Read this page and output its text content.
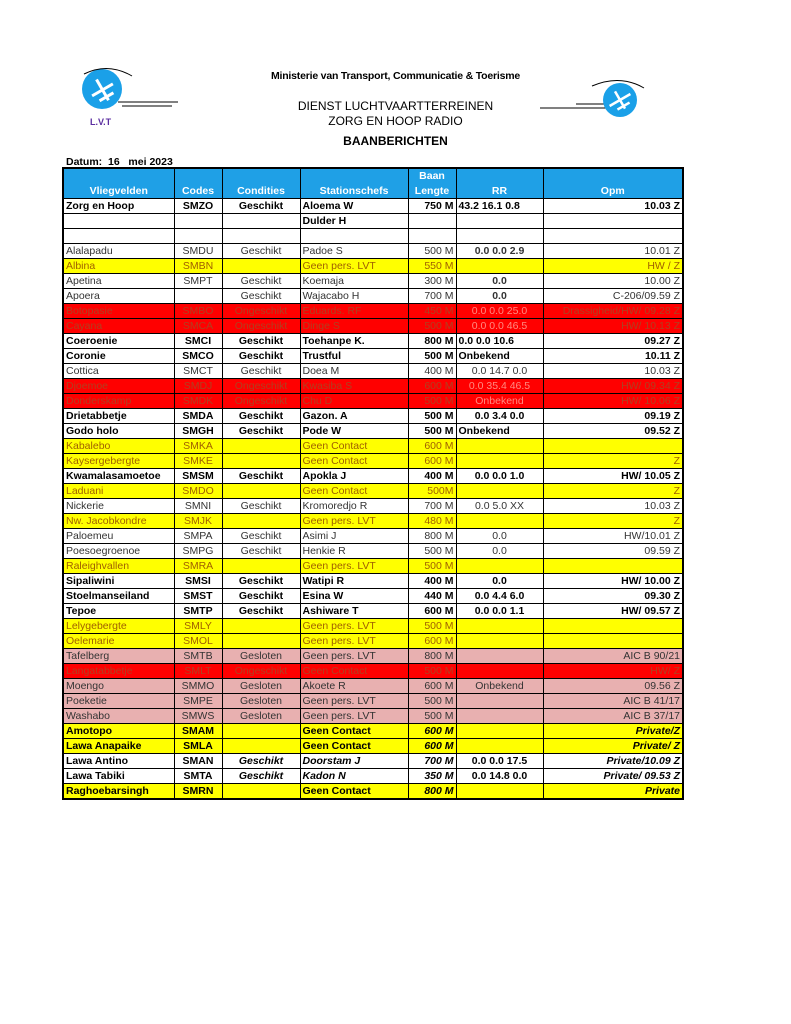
L.V.T
Ministerie van Transport, Communicatie & Toerisme
DIENST LUCHTVAARTTERREINEN
ZORG EN HOOP RADIO
BAANBERICHTEN
Datum:  16   mei 2023
				Baan		
Vliegvelden	Codes	Condities	Stationschefs	Lengte	RR	Opm
Zorg en Hoop	SMZO	Geschikt	Aloema W	750 M	43.2 16.1 0.8	10.03 Z
			Dulder H			

Alalapadu	SMDU	Geschikt	Padoe S	500 M	0.0 0.0 2.9	10.01 Z
Albina	SMBN		Geen pers. LVT	550 M		HW / Z
Apetina	SMPT	Geschikt	Koemaja	300 M	0.0	10.00 Z
Apoera		Geschikt	Wajacabo H	700 M	0.0	C-206/09.59 Z
Botopasie	SMBO	Ongeschikt	Eduards. RF	450 M	0.0 0.0 25.0	Drassigheid/HW/ 09.28 Z
Cayana	SMCA	Ongeschikt	Dinge S	500 M	0.0 0.0 46.5	HW/ 10.13 Z
Coeroenie	SMCI	Geschikt	Toehanpe K.	800 M	0.0 0.0 10.6	09.27 Z
Coronie	SMCO	Geschikt	Trustful	500 M	Onbekend	10.11 Z
Cottica	SMCT	Geschikt	Doea M	400 M	0.0 14.7 0.0	10.03 Z
Djoemoe	SMDJ	Ongeschikt	Kwasiba S	600 M	0.0 35.4 46.5	HW/ 09.34 Z
Donderskamp	SMDK	Ongeschikt	Chu D	500 M	Onbekend	HW/ 10.06 Z
Drietabbetje	SMDA	Geschikt	Gazon. A	500 M	0.0 3.4 0.0	09.19 Z
Godo holo	SMGH	Geschikt	Pode W	500 M	Onbekend	09.52 Z
Kabalebo	SMKA		Geen Contact	600 M		
Kaysergebergte	SMKE		Geen Contact	600 M		Z
Kwamalasamoetoe	SMSM	Geschikt	Apokla J	400 M	0.0 0.0 1.0	HW/ 10.05 Z
Laduani	SMDO		Geen Contact	500M		Z
Nickerie	SMNI	Geschikt	Kromoredjo R	700 M	0.0 5.0 XX	10.03 Z
Nw. Jacobkondre	SMJK		Geen pers. LVT	480 M		Z
Paloemeu	SMPA	Geschikt	Asimi J	800 M	0.0	HW/10.01 Z
Poesoegroenoe	SMPG	Geschikt	Henkie R	500 M	0.0	09.59 Z
Raleighvallen	SMRA		Geen pers. LVT	500 M		
Sipaliwini	SMSI	Geschikt	Watipi R	400 M	0.0	HW/ 10.00 Z
Stoelmanseiland	SMST	Geschikt	Esina W	440 M	0.0 4.4 6.0	09.30 Z
Tepoe	SMTP	Geschikt	Ashiware T	600 M	0.0 0.0 1.1	HW/ 09.57 Z
Lelygebergte	SMLY		Geen pers. LVT	500 M		
Oelemarie	SMOL		Geen pers. LVT	600 M		
Tafelberg	SMTB	Gesloten	Geen pers. LVT	800 M		AIC B 90/21
Langatabbetje	SMLT	Ongeschikt	Geen Contact	500 M		HW/ Z
Moengo	SMMO	Gesloten	Akoete R	600 M	Onbekend	09.56 Z
Poeketie	SMPE	Gesloten	Geen pers. LVT	500 M		AIC B 41/17
Washabo	SMWS	Gesloten	Geen pers. LVT	500 M		AIC B 37/17
Amotopo	SMAM		Geen Contact	600 M		Private/Z
Lawa Anapaike	SMLA		Geen Contact	600 M		Private/ Z
Lawa Antino	SMAN	Geschikt	Doorstam J	700 M	0.0 0.0 17.5	Private/10.09 Z
Lawa Tabiki	SMTA	Geschikt	Kadon N	350 M	0.0 14.8 0.0	Private/ 09.53 Z
Raghoebarsingh	SMRN		Geen Contact	800 M		Private
